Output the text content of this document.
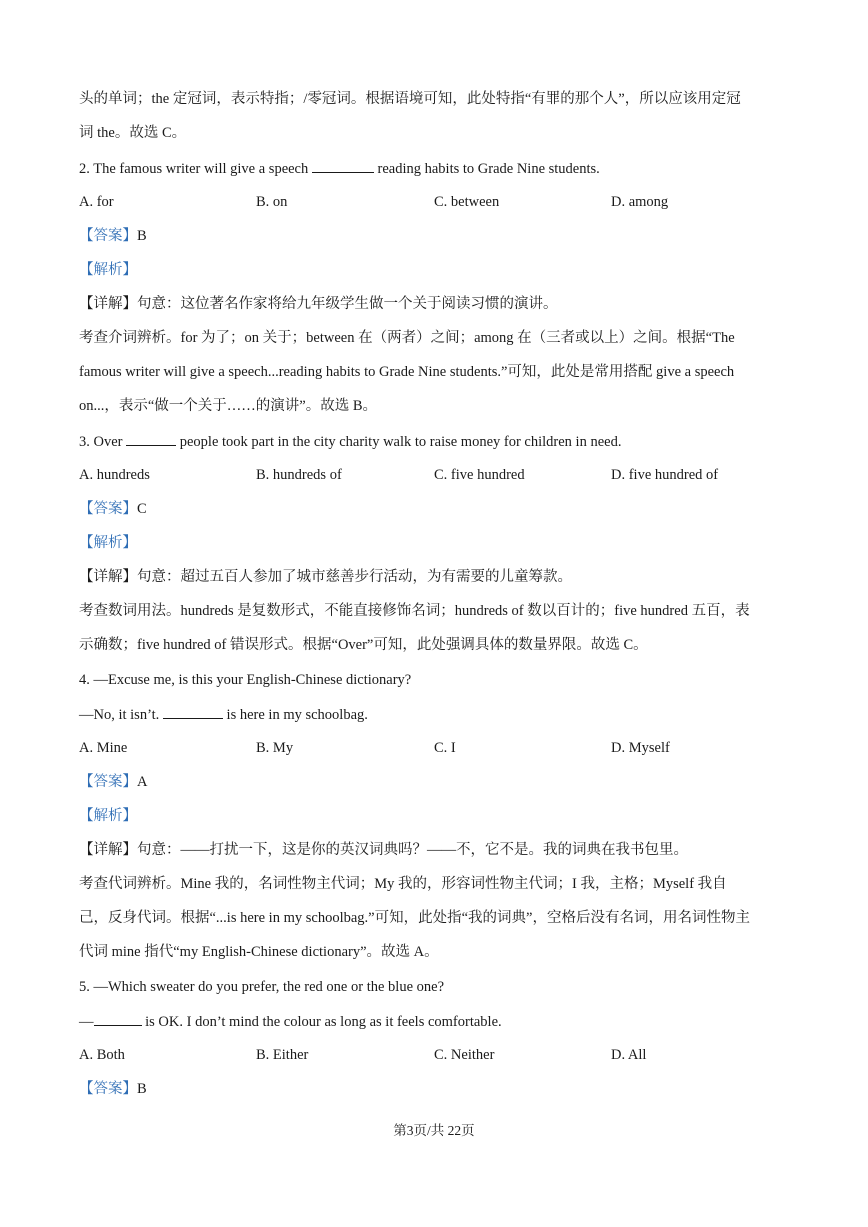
头的单词；the 定冠词，表示特指；/零冠词。根据语境可知，此处特指“有罪的那个人”，所以应该用定冠
词 the。故选 C。
2. The famous writer will give a speech	reading habits to Grade Nine students.
A. for	B. on	C. between	D. among
【答案】B
【解析】
【详解】句意：这位著名作家将给九年级学生做一个关于阅读习惯的演讲。
考查介词辨析。for 为了；on 关于；between 在（两者）之间；among 在（三者或以上）之间。根据“The
famous writer will give a speech...reading habits to Grade Nine students.”可知，此处是常用搭配 give a speech
on...，表示“做一个关于……的演讲”。故选 B。
3. Over	people took part in the city charity walk to raise money for children in need.
A. hundreds	B. hundreds of	C. five hundred	D. five hundred of
【答案】C
【解析】
【详解】句意：超过五百人参加了城市慈善步行活动，为有需要的儿童筹款。
考查数词用法。hundreds 是复数形式，不能直接修饰名词；hundreds of 数以百计的；five hundred 五百，表
示确数；five hundred of 错误形式。根据“Over”可知，此处强调具体的数量界限。故选 C。
4. —Excuse me, is this your English-Chinese dictionary?
—No, it isn’t.	is here in my schoolbag.
A. Mine	B. My	C. I	D. Myself
【答案】A
【解析】
【详解】句意：——打扰一下，这是你的英汉词典吗？——不，它不是。我的词典在我书包里。
考查代词辨析。Mine 我的，名词性物主代词；My 我的，形容词性物主代词；I 我，主格；Myself 我自
己，反身代词。根据“...is here in my schoolbag.”可知，此处指“我的词典”，空格后没有名词，用名词性物主
代词 mine 指代“my English-Chinese dictionary”。故选 A。
5. —Which sweater do you prefer, the red one or the blue one?
—	is OK. I don’t mind the colour as long as it feels comfortable.
A. Both	B. Either	C. Neither	D. All
【答案】B
第3页/共 22页
